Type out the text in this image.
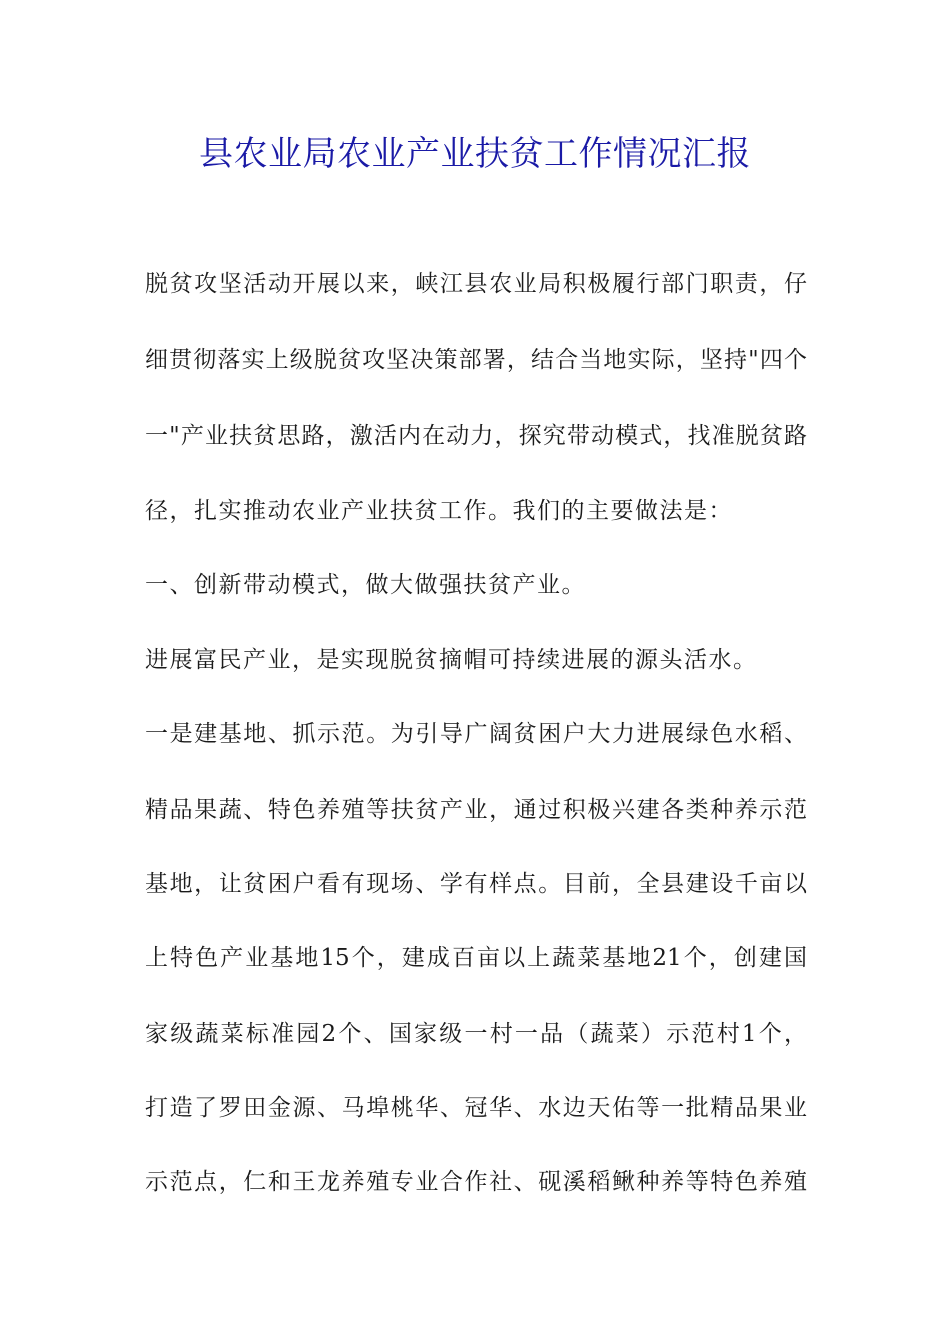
县农业局农业产业扶贫工作情况汇报
脱贫攻坚活动开展以来，峡江县农业局积极履行部门职责，仔
细贯彻落实上级脱贫攻坚决策部署，结合当地实际，坚持"四个
一"产业扶贫思路，激活内在动力，探究带动模式，找准脱贫路
径，扎实推动农业产业扶贫工作。我们的主要做法是：
一、创新带动模式，做大做强扶贫产业。
进展富民产业，是实现脱贫摘帽可持续进展的源头活水。
一是建基地、抓示范。为引导广阔贫困户大力进展绿色水稻、
精品果蔬、特色养殖等扶贫产业，通过积极兴建各类种养示范
基地，让贫困户看有现场、学有样点。目前，全县建设千亩以
上特色产业基地15个，建成百亩以上蔬菜基地21个，创建国
家级蔬菜标准园2个、国家级一村一品（蔬菜）示范村1个，
打造了罗田金源、马埠桃华、冠华、水边天佑等一批精品果业
示范点，仁和王龙养殖专业合作社、砚溪稻鳅种养等特色养殖
